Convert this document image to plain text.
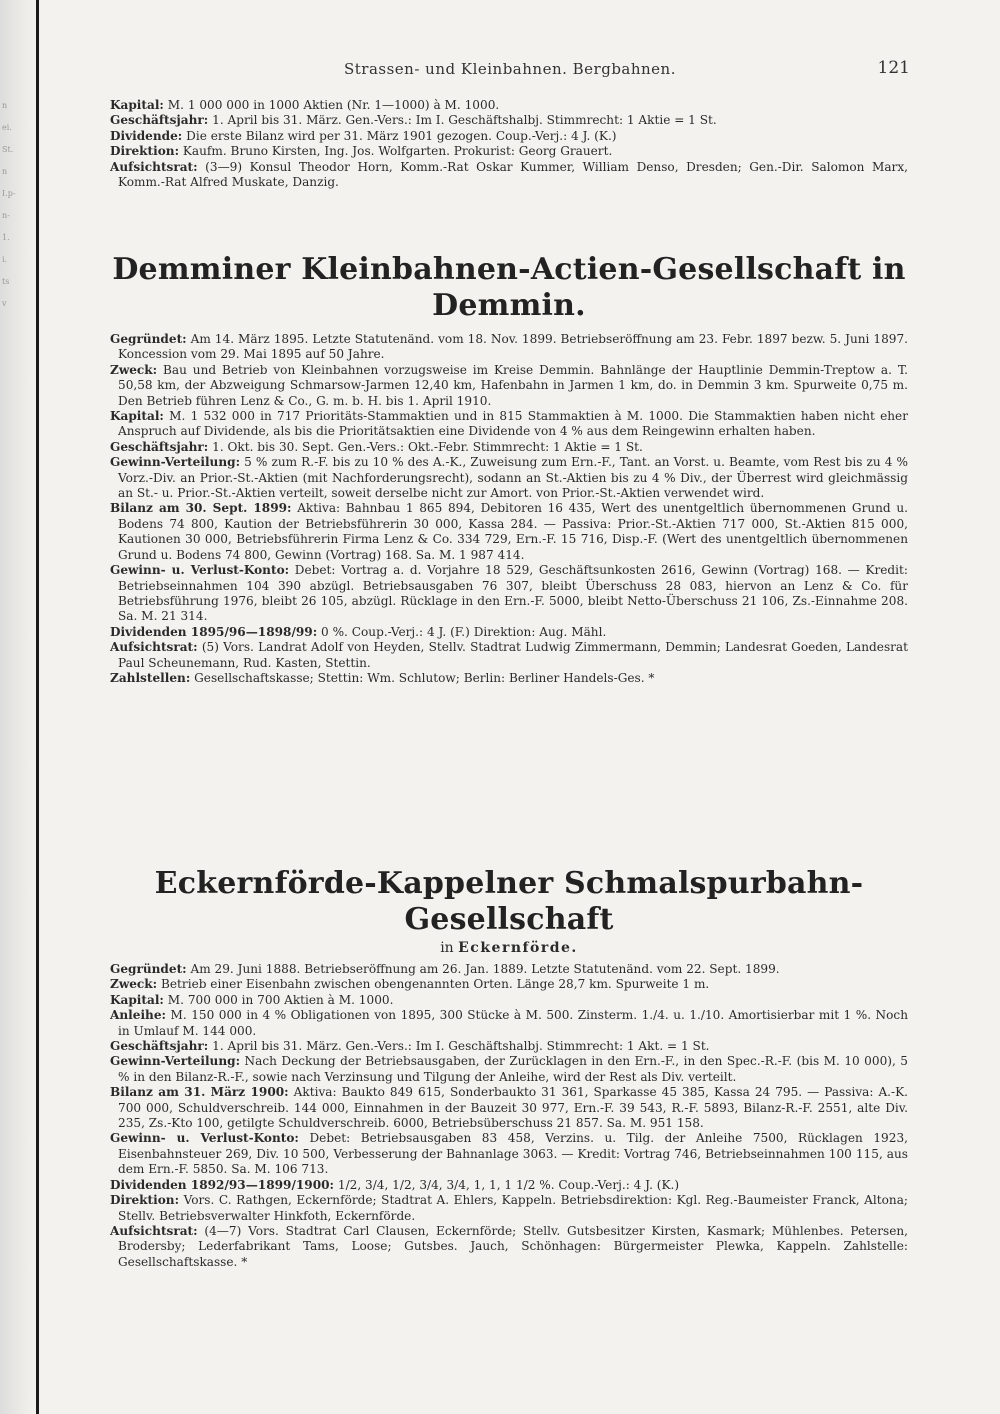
n
ei.
St.
n
I.p-
n-
1.
i.
ts
v
Strassen- und Kleinbahnen. Bergbahnen.	121

Kapital: M. 1 000 000 in 1000 Aktien (Nr. 1—1000) à M. 1000.

Geschäftsjahr: 1. April bis 31. März. Gen.-Vers.: Im I. Geschäftshalbj. Stimmrecht: 1 Aktie = 1 St.

Dividende: Die erste Bilanz wird per 31. März 1901 gezogen. Coup.-Verj.: 4 J. (K.)

Direktion: Kaufm. Bruno Kirsten, Ing. Jos. Wolfgarten. Prokurist: Georg Grauert.

Aufsichtsrat: (3—9) Konsul Theodor Horn, Komm.-Rat Oskar Kummer, William Denso, Dresden; Gen.-Dir. Salomon Marx, Komm.-Rat Alfred Muskate, Danzig.

Demminer Kleinbahnen-Actien-Gesellschaft in Demmin.

Gegründet: Am 14. März 1895. Letzte Statutenänd. vom 18. Nov. 1899. Betriebseröffnung am 23. Febr. 1897 bezw. 5. Juni 1897. Koncession vom 29. Mai 1895 auf 50 Jahre.

Zweck: Bau und Betrieb von Kleinbahnen vorzugsweise im Kreise Demmin. Bahnlänge der Hauptlinie Demmin-Treptow a. T. 50,58 km, der Abzweigung Schmarsow-Jarmen 12,40 km, Hafenbahn in Jarmen 1 km, do. in Demmin 3 km. Spurweite 0,75 m. Den Betrieb führen Lenz & Co., G. m. b. H. bis 1. April 1910.

Kapital: M. 1 532 000 in 717 Prioritäts-Stammaktien und in 815 Stammaktien à M. 1000. Die Stammaktien haben nicht eher Anspruch auf Dividende, als bis die Prioritätsaktien eine Dividende von 4 % aus dem Reingewinn erhalten haben.

Geschäftsjahr: 1. Okt. bis 30. Sept. Gen.-Vers.: Okt.-Febr. Stimmrecht: 1 Aktie = 1 St.

Gewinn-Verteilung: 5 % zum R.-F. bis zu 10 % des A.-K., Zuweisung zum Ern.-F., Tant. an Vorst. u. Beamte, vom Rest bis zu 4 % Vorz.-Div. an Prior.-St.-Aktien (mit Nachforderungsrecht), sodann an St.-Aktien bis zu 4 % Div., der Überrest wird gleichmässig an St.- u. Prior.-St.-Aktien verteilt, soweit derselbe nicht zur Amort. von Prior.-St.-Aktien verwendet wird.

Bilanz am 30. Sept. 1899: Aktiva: Bahnbau 1 865 894, Debitoren 16 435, Wert des unentgeltlich übernommenen Grund u. Bodens 74 800, Kaution der Betriebsführerin 30 000, Kassa 284. — Passiva: Prior.-St.-Aktien 717 000, St.-Aktien 815 000, Kautionen 30 000, Betriebsführerin Firma Lenz & Co. 334 729, Ern.-F. 15 716, Disp.-F. (Wert des unentgeltlich übernommenen Grund u. Bodens 74 800, Gewinn (Vortrag) 168. Sa. M. 1 987 414.

Gewinn- u. Verlust-Konto: Debet: Vortrag a. d. Vorjahre 18 529, Geschäftsunkosten 2616, Gewinn (Vortrag) 168. — Kredit: Betriebseinnahmen 104 390 abzügl. Betriebsausgaben 76 307, bleibt Überschuss 28 083, hiervon an Lenz & Co. für Betriebsführung 1976, bleibt 26 105, abzügl. Rücklage in den Ern.-F. 5000, bleibt Netto-Überschuss 21 106, Zs.-Einnahme 208. Sa. M. 21 314.

Dividenden 1895/96—1898/99: 0 %. Coup.-Verj.: 4 J. (F.) Direktion: Aug. Mähl.

Aufsichtsrat: (5) Vors. Landrat Adolf von Heyden, Stellv. Stadtrat Ludwig Zimmermann, Demmin; Landesrat Goeden, Landesrat Paul Scheunemann, Rud. Kasten, Stettin.

Zahlstellen: Gesellschaftskasse; Stettin: Wm. Schlutow; Berlin: Berliner Handels-Ges. *

Eckernförde-Kappelner Schmalspurbahn-Gesellschaft
in Eckernförde.

Gegründet: Am 29. Juni 1888. Betriebseröffnung am 26. Jan. 1889. Letzte Statutenänd. vom 22. Sept. 1899.

Zweck: Betrieb einer Eisenbahn zwischen obengenannten Orten. Länge 28,7 km. Spurweite 1 m.

Kapital: M. 700 000 in 700 Aktien à M. 1000.

Anleihe: M. 150 000 in 4 % Obligationen von 1895, 300 Stücke à M. 500. Zinsterm. 1./4. u. 1./10. Amortisierbar mit 1 %. Noch in Umlauf M. 144 000.

Geschäftsjahr: 1. April bis 31. März. Gen.-Vers.: Im I. Geschäftshalbj. Stimmrecht: 1 Akt. = 1 St.

Gewinn-Verteilung: Nach Deckung der Betriebsausgaben, der Zurücklagen in den Ern.-F., in den Spec.-R.-F. (bis M. 10 000), 5 % in den Bilanz-R.-F., sowie nach Verzinsung und Tilgung der Anleihe, wird der Rest als Div. verteilt.

Bilanz am 31. März 1900: Aktiva: Baukto 849 615, Sonderbaukto 31 361, Sparkasse 45 385, Kassa 24 795. — Passiva: A.-K. 700 000, Schuldverschreib. 144 000, Einnahmen in der Bauzeit 30 977, Ern.-F. 39 543, R.-F. 5893, Bilanz-R.-F. 2551, alte Div. 235, Zs.-Kto 100, getilgte Schuldverschreib. 6000, Betriebsüberschuss 21 857. Sa. M. 951 158.

Gewinn- u. Verlust-Konto: Debet: Betriebsausgaben 83 458, Verzins. u. Tilg. der Anleihe 7500, Rücklagen 1923, Eisenbahnsteuer 269, Div. 10 500, Verbesserung der Bahnanlage 3063. — Kredit: Vortrag 746, Betriebseinnahmen 100 115, aus dem Ern.-F. 5850. Sa. M. 106 713.

Dividenden 1892/93—1899/1900: 1/2, 3/4, 1/2, 3/4, 3/4, 1, 1, 1 1/2 %. Coup.-Verj.: 4 J. (K.)

Direktion: Vors. C. Rathgen, Eckernförde; Stadtrat A. Ehlers, Kappeln. Betriebsdirektion: Kgl. Reg.-Baumeister Franck, Altona; Stellv. Betriebsverwalter Hinkfoth, Eckernförde.

Aufsichtsrat: (4—7) Vors. Stadtrat Carl Clausen, Eckernförde; Stellv. Gutsbesitzer Kirsten, Kasmark; Mühlenbes. Petersen, Brodersby; Lederfabrikant Tams, Loose; Gutsbes. Jauch, Schönhagen: Bürgermeister Plewka, Kappeln. Zahlstelle: Gesellschaftskasse. *
